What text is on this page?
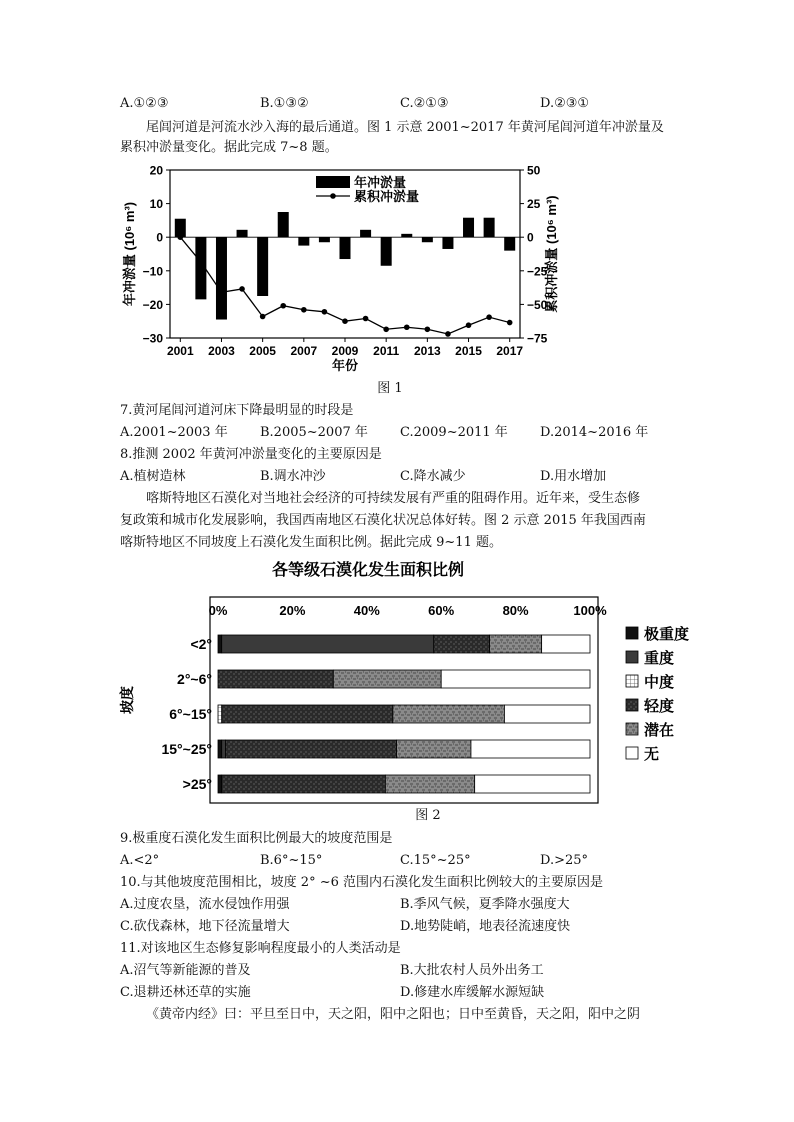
A.①②③	B.①③②	C.②①③	D.②③①
尾闾河道是河流水沙入海的最后通道。图 1 示意 2001~2017 年黄河尾闾河道年冲淤量及
累积冲淤量变化。据此完成 7~8 题。
20
10
0
−10
−20
−30
50
25
0
−25
−50
−75
2001 2003 2005 2007 2009 2011 2013 2015 2017
年份
年冲淤量 (10⁶ m³)	累积冲淤量 (10⁶ m³)
年冲淤量
累积冲淤量
图 1
7.黄河尾闾河道河床下降最明显的时段是
A.2001~2003 年 B.2005~2007 年 C.2009~2011 年 D.2014~2016 年
8.推测 2002 年黄河冲淤量变化的主要原因是
A.植树造林	B.调水冲沙	C.降水减少	D.用水增加
喀斯特地区石漠化对当地社会经济的可持续发展有严重的阻碍作用。近年来，受生态修
复政策和城市化发展影响，我国西南地区石漠化状况总体好转。图 2 示意 2015 年我国西南
喀斯特地区不同坡度上石漠化发生面积比例。据此完成 9~11 题。
各等级石漠化发生面积比例
0%	20%	40%	60%	80%	100%
<2°
2°~6°
6°~15°
15°~25°
>25°
坡度
极重度
重度
中度
轻度
潜在
无
图 2
9.极重度石漠化发生面积比例最大的坡度范围是
A.<2°	B.6°~15°	C.15°~25°	D.>25°
10.与其他坡度范围相比，坡度 2° ~6 范围内石漠化发生面积比例较大的主要原因是
A.过度农垦，流水侵蚀作用强	B.季风气候，夏季降水强度大
C.砍伐森林，地下径流量增大	D.地势陡峭，地表径流速度快
11.对该地区生态修复影响程度最小的人类活动是
A.沼气等新能源的普及	B.大批农村人员外出务工
C.退耕还林还草的实施	D.修建水库缓解水源短缺
《黄帝内经》曰：平旦至日中，天之阳，阳中之阳也；日中至黄昏，天之阳，阳中之阴
